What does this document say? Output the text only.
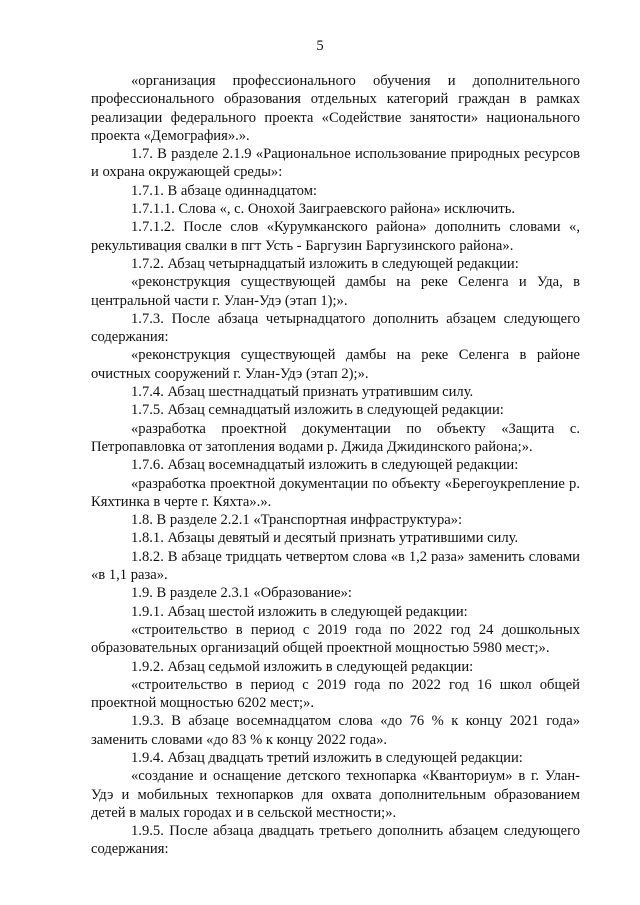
5

«организация профессионального обучения и дополнительного профессионального образования отдельных категорий граждан в рамках реализации федерального проекта «Содействие занятости» национального проекта «Демография».».

1.7. В разделе 2.1.9 «Рациональное использование природных ресурсов и охрана окружающей среды»:

1.7.1. В абзаце одиннадцатом:

1.7.1.1. Слова «, с. Онохой Заиграевского района» исключить.

1.7.1.2. После слов «Курумканского района» дополнить словами «, рекультивация свалки в пгт Усть - Баргузин Баргузинского района».

1.7.2. Абзац четырнадцатый изложить в следующей редакции:

«реконструкция существующей дамбы на реке Селенга и Уда, в центральной части г. Улан-Удэ (этап 1);».

1.7.3. После абзаца четырнадцатого дополнить абзацем следующего содержания:

«реконструкция существующей дамбы на реке Селенга в районе очистных сооружений г. Улан-Удэ (этап 2);».

1.7.4. Абзац шестнадцатый признать утратившим силу.

1.7.5. Абзац семнадцатый изложить в следующей редакции:

«разработка проектной документации по объекту «Защита с. Петропавловка от затопления водами р. Джида Джидинского района;».

1.7.6. Абзац восемнадцатый изложить в следующей редакции:

«разработка проектной документации по объекту «Берегоукрепление р. Кяхтинка в черте г. Кяхта».».

1.8. В разделе 2.2.1 «Транспортная инфраструктура»:

1.8.1. Абзацы девятый и десятый признать утратившими силу.

1.8.2. В абзаце тридцать четвертом слова «в 1,2 раза» заменить словами «в 1,1 раза».

1.9. В разделе 2.3.1 «Образование»:

1.9.1. Абзац шестой изложить в следующей редакции:

«строительство в период с 2019 года по 2022 год 24 дошкольных образовательных организаций общей проектной мощностью 5980 мест;».

1.9.2. Абзац седьмой изложить в следующей редакции:

«строительство в период с 2019 года по 2022 год 16 школ общей проектной мощностью 6202 мест;».

1.9.3. В абзаце восемнадцатом слова «до 76 % к концу 2021 года» заменить словами «до 83 % к концу 2022 года».

1.9.4. Абзац двадцать третий изложить в следующей редакции:

«создание и оснащение детского технопарка «Кванториум» в г. Улан-Удэ и мобильных технопарков для охвата дополнительным образованием детей в малых городах и в сельской местности;».

1.9.5. После абзаца двадцать третьего дополнить абзацем следующего содержания:
